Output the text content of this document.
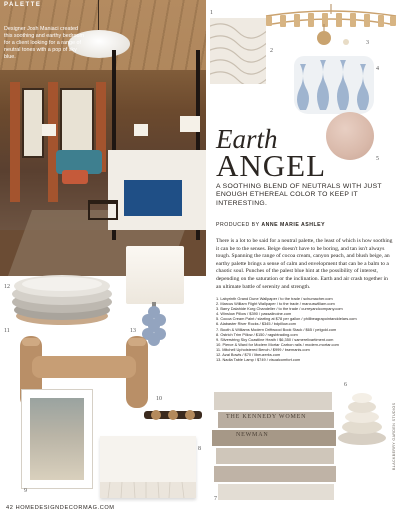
PALETTE
Designer Josh Maniaci created this soothing and earthy bedroom for a client looking for a range of neutral tones with a pop of sky blue.
1
2
3
4
5
Earth
ANGEL
A SOOTHING BLEND OF NEUTRALS WITH JUST ENOUGH ETHEREAL COLOR TO KEEP IT INTERESTING.
PRODUCED BY ANNE MARIE ASHLEY
There is a lot to be said for a neutral palette, the least of which is how soothing it can be to the senses. Beige doesn't have to be boring, and tan isn't always tough. Spanning the range of cocoa cream, canyon peach, and blush beige, an earthy palette brings a sense of calm and envelopment that can be a balm to a chaotic soul. Punches of the palest blue hint at the possibility of interest, depending on the saturation or the inclination. Earth and air crash together in an ultimate battle of serenity and strength.
1. Labyrinth Grand Dune Wallpaper / to the trade / schumacher.com
2. Marcus William Flight Wallpaper / to the trade / marcuswilliam.com
3. Barry Dalahide Korg Chandelier / to the trade / curreyandcompany.com
4. Winslow Pillow / $390 / passalinoine.com
5. Cocoa Cream Paint / starting at $78 per gallon / phillbeagrapointanddelars.com
6. Alabaster River Rocks / $345 / bdpillow.com
7. Booth & Williams Modern Driftwood Book Stack / $65 / pelgold.com
8. Ostrich Trim Pillow / $150 / ragsbtrading.com
9. Silverstring Sky Coastline Heath / $6,350 / samerelivartiment.com
10. Pierce & Ward for Modern Mortar Carbon rails / modern-mortar.com
11. Mitchell Upholstered Bench / $999 / bsemanis.com
12. Azai Bowls / $70 / libeuzerks.com
13. Nadia Table Lamp / $749 / visualcomfort.com
12
13
11
9
10
8
THE KENNEDY WOMEN
NEWMAN
7
6
42 HOMEDESIGNDECORMAG.COM
BLACKBERRY GARDEN STUDIOS
